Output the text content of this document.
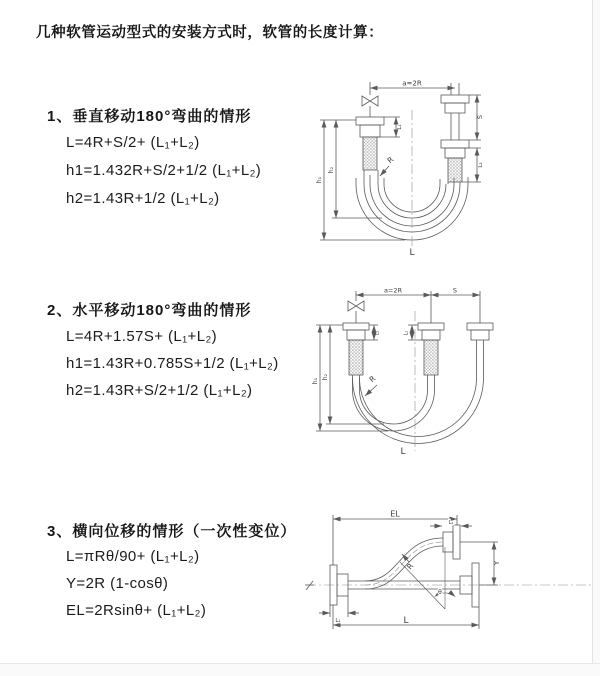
几种软管运动型式的安装方式时，软管的长度计算：
1、垂直移动180°弯曲的情形
L=4R+S/2+ (L₁+L₂)
h1=1.432R+S/2+1/2 (L₁+L₂)
h2=1.43R+1/2 (L₁+L₂)
2、水平移动180°弯曲的情形
L=4R+1.57S+ (L₁+L₂)
h1=1.43R+0.785S+1/2 (L₁+L₂)
h2=1.43R+S/2+1/2 (L₁+L₂)
3、横向位移的情形（一次性变位）
L=πRθ/90+ (L₁+L₂)
Y=2R (1-cosθ)
EL=2Rsinθ+ (L₁+L₂)
a=2R
S
L₂
L₁
h₁
h₂
R
L
a=2R	S
L₁	L₂
h₁
h₂	R
L
EL
L₂
Y
R
θ
L
L₁
